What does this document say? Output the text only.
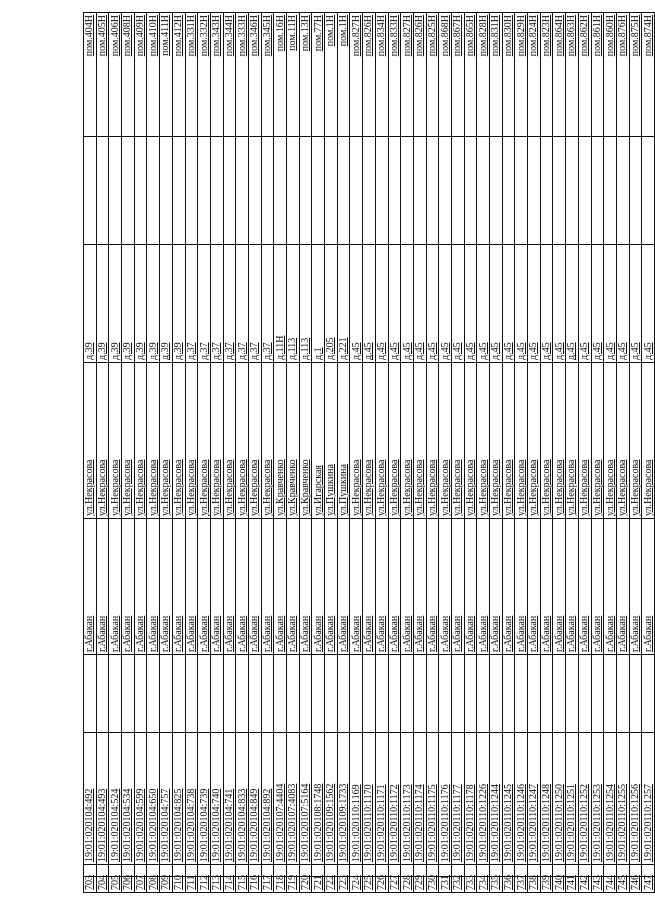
703		19:01:020104:492		г.Абакан	ул.Некрасова	д.39		пом.404Н
704		19:01:020104:493		г.Абакан	ул.Некрасова	д.39		пом.405Н
705		19:01:020104:524		г.Абакан	ул.Некрасова	д.39		пом.406Н
706		19:01:020104:534		г.Абакан	ул.Некрасова	д.39		пом.408Н
707		19:01:020104:599		г.Абакан	ул.Некрасова	д.39		пом.409Н
708		19:01:020104:650		г.Абакан	ул.Некрасова	д.39		пом.410Н
709		19:01:020104:757		г.Абакан	ул.Некрасова	д.39		пом.411Н
710		19:01:020104:825		г.Абакан	ул.Некрасова	д.39		пом.412Н
711		19:01:020104:738		г.Абакан	ул.Некрасова	д.37		пом.331Н
712		19:01:020104:739		г.Абакан	ул.Некрасова	д.37		пом.332Н
713		19:01:020104:740		г.Абакан	ул.Некрасова	д.37		пом.343Н
714		19:01:020104:741		г.Абакан	ул.Некрасова	д.37		пом.344Н
715		19:01:020104:833		г.Абакан	ул.Некрасова	д.37		пом.333Н
716		19:01:020104:849		г.Абакан	ул.Некрасова	д.37		пом.346Н
717		19:01:020104:892		г.Абакан	ул.Некрасова	д.37		пом.345Н
718		19:01:020107:4404		г.Абакан	ул.Кравченко	д.11Н		пом.16Н
719		19:01:020107:4083		г.Абакан	ул.Кравченко	д.113		пом.11Н
720		19:01:020107:5164		г.Абакан	ул.Кравченко	д.113		пом.13Н
721		19:01:020108:1748		г.Абакан	ул.Игарская	д.1		пом.77Н
722		19:01:020109:1562		г.Абакан	ул.Пушкина	д.205		пом.1Н
723		19:01:020109:1733		г.Абакан	ул.Пушкина	д.221		пом.1Н
724		19:01:020110:1169		г.Абакан	ул.Некрасова	д.45		пом.827Н
725		19:01:020110:1170		г.Абакан	ул.Некрасова	д.45		пом.826Н
726		19:01:020110:1171		г.Абакан	ул.Некрасова	д.45		пом.834Н
727		19:01:020110:1172		г.Абакан	ул.Некрасова	д.45		пом.833Н
728		19:01:020110:1173		г.Абакан	ул.Некрасова	д.45		пом.827Н
729		19:01:020110:1174		г.Абакан	ул.Некрасова	д.45		пом.826Н
730		19:01:020110:1175		г.Абакан	ул.Некрасова	д.45		пом.825Н
731		19:01:020110:1176		г.Абакан	ул.Некрасова	д.45		пом.868Н
732		19:01:020110:1177		г.Абакан	ул.Некрасова	д.45		пом.867Н
733		19:01:020110:1178		г.Абакан	ул.Некрасова	д.45		пом.865Н
734		19:01:020110:1226		г.Абакан	ул.Некрасова	д.45		пом.828Н
735		19:01:020110:1244		г.Абакан	ул.Некрасова	д.45		пом.831Н
736		19:01:020110:1245		г.Абакан	ул.Некрасова	д.45		пом.830Н
737		19:01:020110:1246		г.Абакан	ул.Некрасова	д.45		пом.829Н
738		19:01:020110:1247		г.Абакан	ул.Некрасова	д.45		пом.824Н
739		19:01:020110:1248		г.Абакан	ул.Некрасова	д.45		пом.823Н
740		19:01:020110:1250		г.Абакан	ул.Некрасова	д.45		пом.864Н
741		19:01:020110:1251		г.Абакан	ул.Некрасова	д.45		пом.863Н
742		19:01:020110:1252		г.Абакан	ул.Некрасова	д.45		пом.862Н
743		19:01:020110:1253		г.Абакан	ул.Некрасова	д.45		пом.861Н
744		19:01:020110:1254		г.Абакан	ул.Некрасова	д.45		пом.860Н
745		19:01:020110:1255		г.Абакан	ул.Некрасова	д.45		пом.876Н
746		19:01:020110:1256		г.Абакан	ул.Некрасова	д.45		пом.875Н
747		19:01:020110:1257		г.Абакан	ул.Некрасова	д.45		пом.874Н
